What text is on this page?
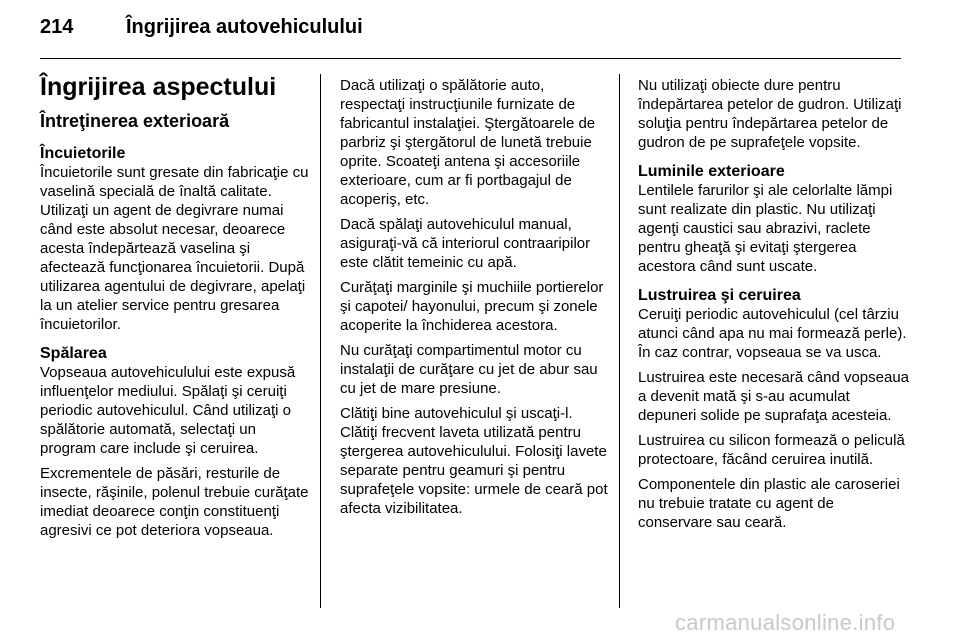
214	Îngrijirea autovehiculului
Îngrijirea aspectului
Întreţinerea exterioară
Încuietorile

Încuietorile sunt gresate din fabricaţie cu vaselină specială de înaltă calitate. Utilizaţi un agent de degivrare numai când este absolut necesar, deoarece acesta îndepărtează vaselina şi afectează funcţionarea încuietorii. După utilizarea agentului de degivrare, apelaţi la un atelier service pentru gresarea încuietorilor.

Spălarea

Vopseaua autovehiculului este expusă influenţelor mediului. Spălaţi şi ceruiţi periodic autovehiculul. Când utilizaţi o spălătorie automată, selectaţi un program care include şi ceruirea.

Excrementele de păsări, resturile de insecte, răşinile, polenul trebuie curăţate imediat deoarece conţin constituenţi agresivi ce pot deteriora vopseaua.

Dacă utilizaţi o spălătorie auto, respectaţi instrucţiunile furnizate de fabricantul instalaţiei. Ştergătoarele de parbriz şi ştergătorul de lunetă trebuie oprite. Scoateţi antena şi accesoriile exterioare, cum ar fi portbagajul de acoperiş, etc.

Dacă spălaţi autovehiculul manual, asiguraţi-vă că interiorul contraaripilor este clătit temeinic cu apă.

Curăţaţi marginile şi muchiile portierelor şi capotei/ hayonului, precum şi zonele acoperite la închiderea acestora.

Nu curăţaţi compartimentul motor cu instalaţii de curăţare cu jet de abur sau cu jet de mare presiune.

Clătiţi bine autovehiculul şi uscaţi-l. Clătiţi frecvent laveta utilizată pentru ştergerea autovehiculului. Folosiţi lavete separate pentru geamuri şi pentru suprafeţele vopsite: urmele de ceară pot afecta vizibilitatea.

Nu utilizaţi obiecte dure pentru îndepărtarea petelor de gudron. Utilizaţi soluţia pentru îndepărtarea petelor de gudron de pe suprafeţele vopsite.

Luminile exterioare

Lentilele farurilor şi ale celorlalte lămpi sunt realizate din plastic. Nu utilizaţi agenţi caustici sau abrazivi, raclete pentru gheaţă şi evitaţi ştergerea acestora când sunt uscate.

Lustruirea şi ceruirea

Ceruiţi periodic autovehiculul (cel târziu atunci când apa nu mai formează perle). În caz contrar, vopseaua se va usca.

Lustruirea este necesară când vopseaua a devenit mată şi s-au acumulat depuneri solide pe suprafaţa acesteia.

Lustruirea cu silicon formează o peliculă protectoare, făcând ceruirea inutilă.

Componentele din plastic ale caroseriei nu trebuie tratate cu agent de conservare sau ceară.

carmanualsonline.info
